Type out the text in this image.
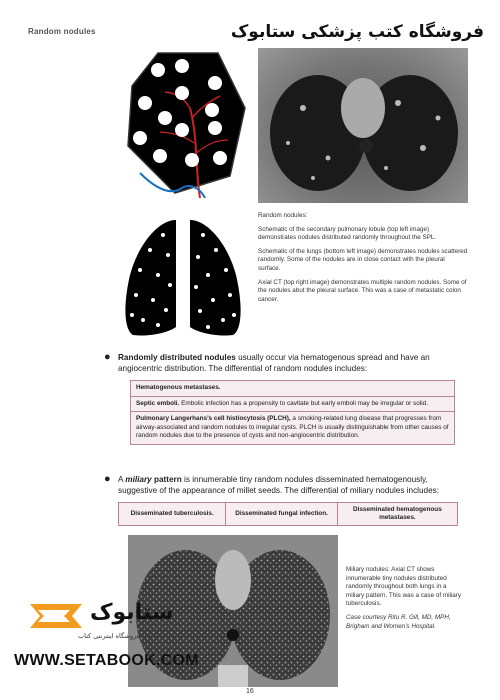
Random nodules	فروشگاه کتب پزشکی ستابوک

Random nodules:

Schematic of the secondary pulmonary lobule (top left image) demonstrates nodules distributed randomly throughout the SPL.

Schematic of the lungs (bottom left image) demonstrates nodules scattered randomly. Some of the nodules are in close contact with the pleural surface.

Axial CT (top right image) demonstrates multiple random nodules. Some of the nodules abut the pleural surface. This was a case of metastatic colon cancer.

● Randomly distributed nodules usually occur via hematogenous spread and have an angiocentric distribution. The differential of random nodules includes:
Hematogenous metastases.
Septic emboli. Embolic infection has a propensity to cavitate but early emboli may be irregular or solid.
Pulmonary Langerhans’s cell histiocytosis (PLCH), a smoking-related lung disease that progresses from airway-associated and random nodules to irregular cysts. PLCH is usually distinguishable from other causes of random nodules due to the presence of cysts and non-angiocentric distribution.
● A miliary pattern is innumerable tiny random nodules disseminated hematogenously, suggestive of the appearance of millet seeds. The differential of miliary nodules includes:
Disseminated tuberculosis.	Disseminated fungal infection.
Disseminated hematogenous metastases.

Miliary nodules: Axial CT shows innumerable tiny nodules distributed randomly throughout both lungs in a miliary pattern. This was a case of miliary tuberculosis.

Case courtesy Ritu R. Gill, MD, MPH, Brigham and Women’s Hospital.

ستابوک
فروشگاه اینترنتی کتاب
WWW.SETABOOK.COM
16
